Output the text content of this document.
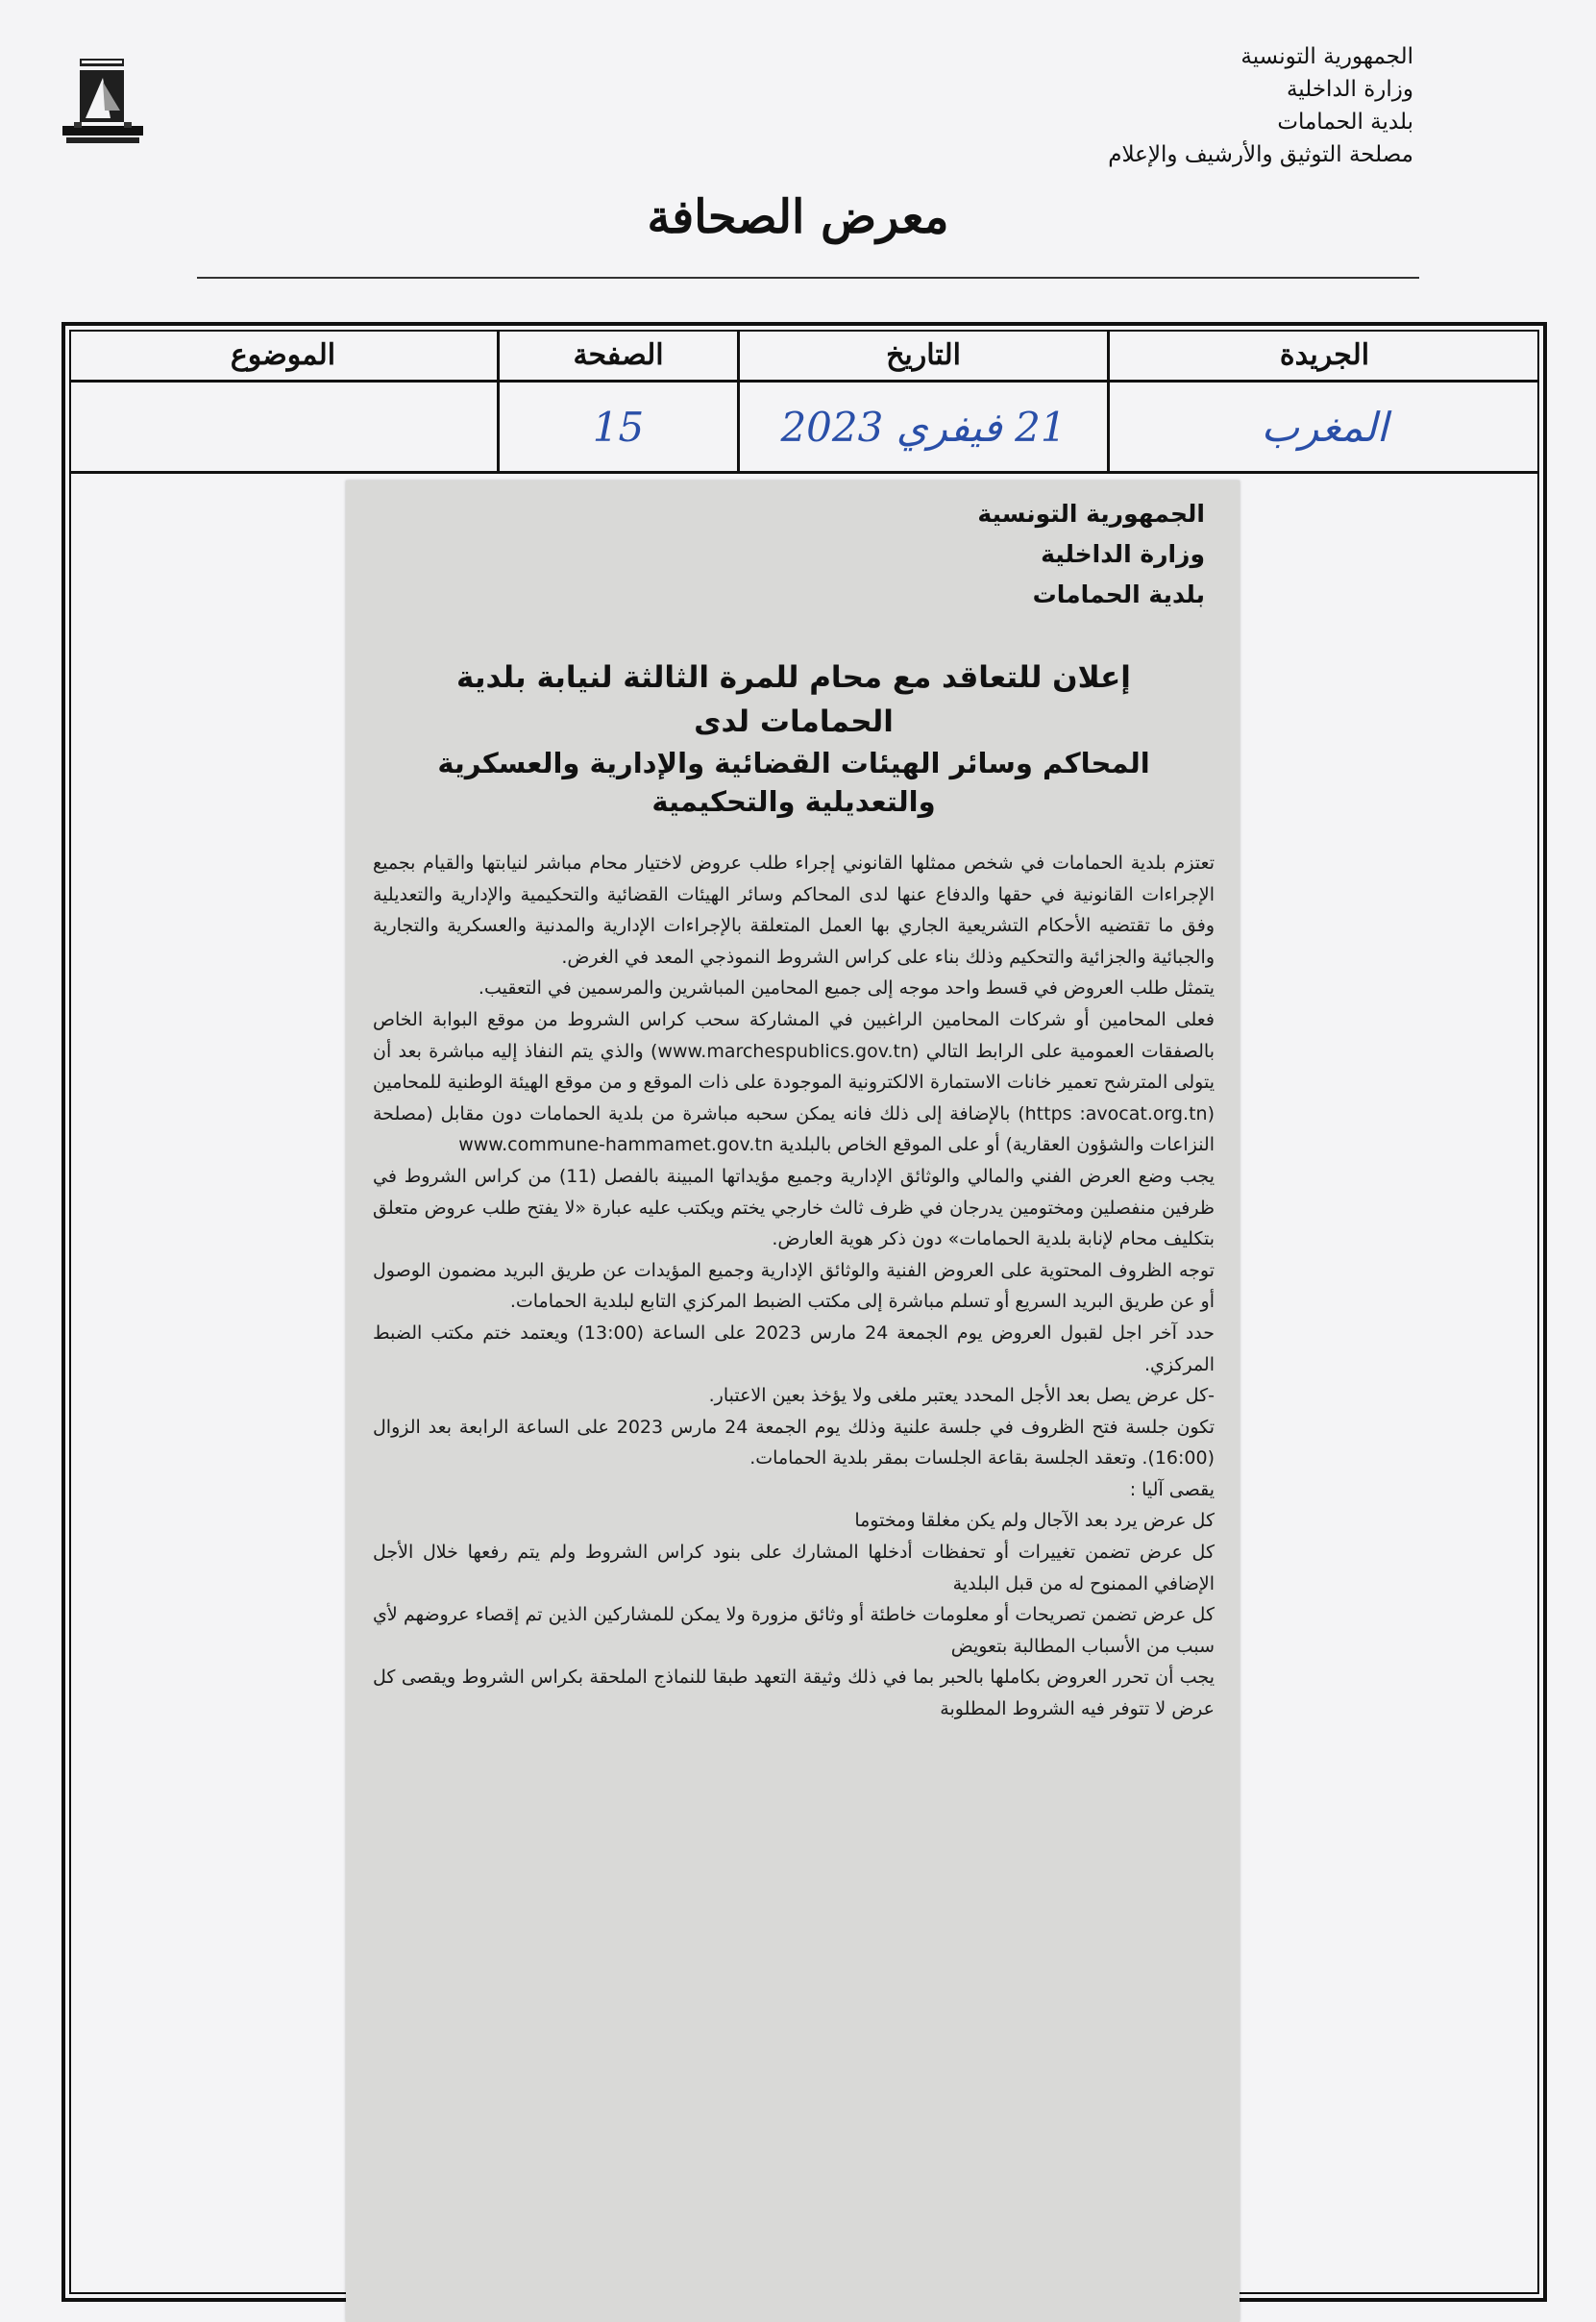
الجمهورية التونسية
وزارة الداخلية
بلدية الحمامات
مصلحة التوثيق والأرشيف والإعلام
معرض الصحافة
الجريدة
التاريخ
الصفحة
الموضوع
المغرب
21 فيفري 2023
15
الجمهورية التونسية
وزارة الداخلية
بلدية الحمامات
إعلان للتعاقد مع محام للمرة الثالثة لنيابة بلدية
الحمامات لدى
المحاكم وسائر الهيئات القضائية والإدارية والعسكرية
والتعديلية والتحكيمية

تعتزم بلدية الحمامات في شخص ممثلها القانوني إجراء طلب عروض لاختيار محام مباشر لنيابتها والقيام بجميع الإجراءات القانونية في حقها والدفاع عنها لدى المحاكم وسائر الهيئات القضائية والتحكيمية والإدارية والتعديلية وفق ما تقتضيه الأحكام التشريعية الجاري بها العمل المتعلقة بالإجراءات الإدارية والمدنية والعسكرية والتجارية والجبائية والجزائية والتحكيم وذلك بناء على كراس الشروط النموذجي المعد في الغرض.

يتمثل طلب العروض في قسط واحد موجه إلى جميع المحامين المباشرين والمرسمين في التعقيب.

فعلى المحامين أو شركات المحامين الراغبين في المشاركة سحب كراس الشروط من موقع البوابة الخاص بالصفقات العمومية على الرابط التالي (www.marchespublics.gov.tn) والذي يتم النفاذ إليه مباشرة بعد أن يتولى المترشح تعمير خانات الاستمارة الالكترونية الموجودة على ذات الموقع و من موقع الهيئة الوطنية للمحامين (https :avocat.org.tn) بالإضافة إلى ذلك فانه يمكن سحبه مباشرة من بلدية الحمامات دون مقابل (مصلحة النزاعات والشؤون العقارية) أو على الموقع الخاص بالبلدية www.commune-hammamet.gov.tn

يجب وضع العرض الفني والمالي والوثائق الإدارية وجميع مؤيداتها المبينة بالفصل (11) من كراس الشروط في ظرفين منفصلين ومختومين يدرجان في ظرف ثالث خارجي يختم ويكتب عليه عبارة «لا يفتح طلب عروض متعلق بتكليف محام لإنابة بلدية الحمامات» دون ذكر هوية العارض.

توجه الظروف المحتوية على العروض الفنية والوثائق الإدارية وجميع المؤيدات عن طريق البريد مضمون الوصول أو عن طريق البريد السريع أو تسلم مباشرة إلى مكتب الضبط المركزي التابع لبلدية الحمامات.

حدد آخر اجل لقبول العروض يوم الجمعة 24 مارس 2023 على الساعة (13:00) ويعتمد ختم مكتب الضبط المركزي.

-كل عرض يصل بعد الأجل المحدد يعتبر ملغى ولا يؤخذ بعين الاعتبار.

تكون جلسة فتح الظروف في جلسة علنية وذلك يوم الجمعة 24 مارس 2023 على الساعة الرابعة بعد الزوال (16:00). وتعقد الجلسة بقاعة الجلسات بمقر بلدية الحمامات.

يقصى آليا :

كل عرض يرد بعد الآجال ولم يكن مغلقا ومختوما

كل عرض تضمن تغييرات أو تحفظات أدخلها المشارك على بنود كراس الشروط ولم يتم رفعها خلال الأجل الإضافي الممنوح له من قبل البلدية

كل عرض تضمن تصريحات أو معلومات خاطئة أو وثائق مزورة ولا يمكن للمشاركين الذين تم إقصاء عروضهم لأي سبب من الأسباب المطالبة بتعويض

يجب أن تحرر العروض بكاملها بالحبر بما في ذلك وثيقة التعهد طبقا للنماذج الملحقة بكراس الشروط ويقصى كل عرض لا تتوفر فيه الشروط المطلوبة
